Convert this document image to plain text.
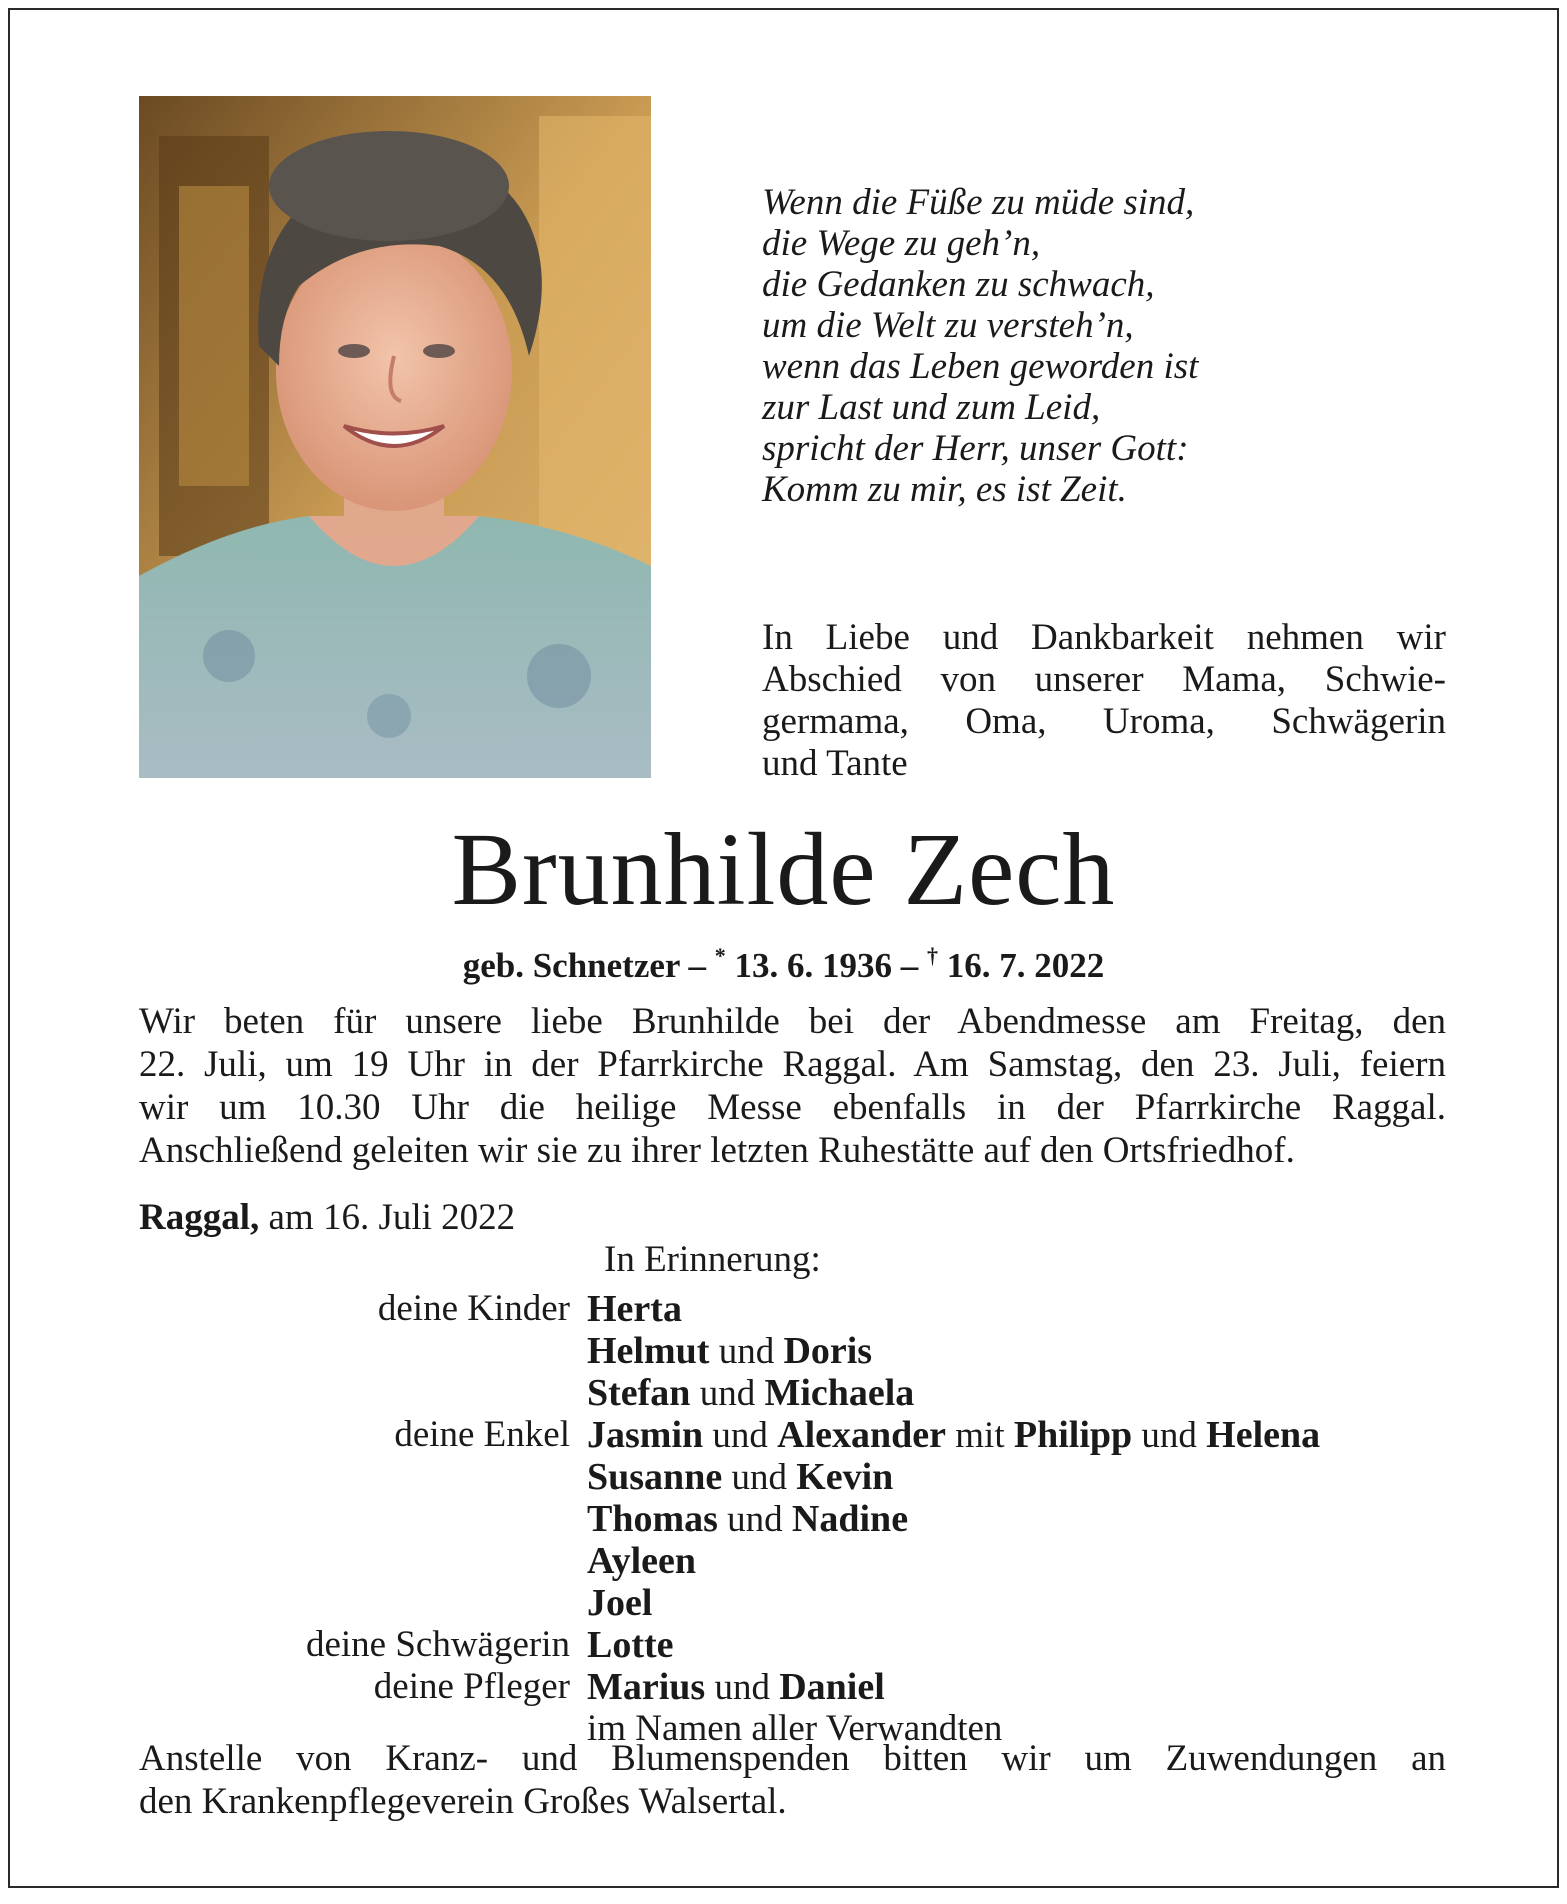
Wenn die Füße zu müde sind,
die Wege zu geh’n,
die Gedanken zu schwach,
um die Welt zu versteh’n,
wenn das Leben geworden ist
zur Last und zum Leid,
spricht der Herr, unser Gott:
Komm zu mir, es ist Zeit.
In Liebe und Dankbarkeit nehmen wir
Abschied von unserer Mama, Schwie-
germama, Oma, Uroma, Schwägerin
und Tante
Brunhilde Zech
geb. Schnetzer – * 13. 6. 1936 – † 16. 7. 2022
Wir beten für unsere liebe Brunhilde bei der Abendmesse am Freitag, den
22. Juli, um 19 Uhr in der Pfarrkirche Raggal. Am Samstag, den 23. Juli, feiern
wir um 10.30 Uhr die heilige Messe ebenfalls in der Pfarrkirche Raggal.
Anschließend geleiten wir sie zu ihrer letzten Ruhestätte auf den Ortsfriedhof.
Raggal, am 16. Juli 2022
In Erinnerung:
deine Kinder Herta
Helmut und Doris
Stefan und Michaela
deine Enkel Jasmin und Alexander mit Philipp und Helena
Susanne und Kevin
Thomas und Nadine
Ayleen
Joel
deine Schwägerin Lotte
deine Pfleger Marius und Daniel
im Namen aller Verwandten
Anstelle von Kranz- und Blumenspenden bitten wir um Zuwendungen an
den Krankenpflegeverein Großes Walsertal.
